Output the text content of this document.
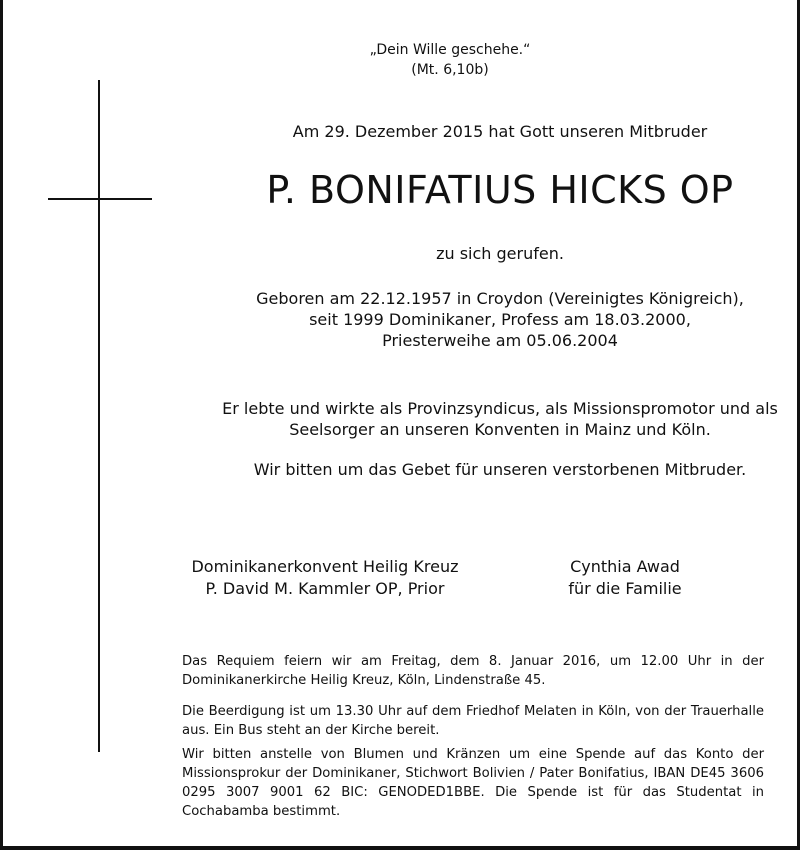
„Dein Wille geschehe.“
(Mt. 6,10b)
Am 29. Dezember 2015 hat Gott unseren Mitbruder
P. BONIFATIUS HICKS OP
zu sich gerufen.
Geboren am 22.12.1957 in Croydon (Vereinigtes Königreich),
seit 1999 Dominikaner, Profess am 18.03.2000,
Priesterweihe am 05.06.2004
Er lebte und wirkte als Provinzsyndicus, als Missionspromotor und als
Seelsorger an unseren Konventen in Mainz und Köln.
Wir bitten um das Gebet für unseren verstorbenen Mitbruder.
Dominikanerkonvent Heilig Kreuz
P. David M. Kammler OP, Prior
Cynthia Awad
für die Familie

Das Requiem feiern wir am Freitag, dem 8. Januar 2016, um 12.00 Uhr in der Dominikanerkirche Heilig Kreuz, Köln, Lindenstraße 45.

Die Beerdigung ist um 13.30 Uhr auf dem Friedhof Melaten in Köln, von der Trauerhalle aus. Ein Bus steht an der Kirche bereit.

Wir bitten anstelle von Blumen und Kränzen um eine Spende auf das Konto der Missionsprokur der Dominikaner, Stichwort Bolivien / Pater Bonifatius, IBAN DE45 3606 0295 3007 9001 62 BIC: GENODED1BBE. Die Spende ist für das Studentat in Cochabamba bestimmt.
